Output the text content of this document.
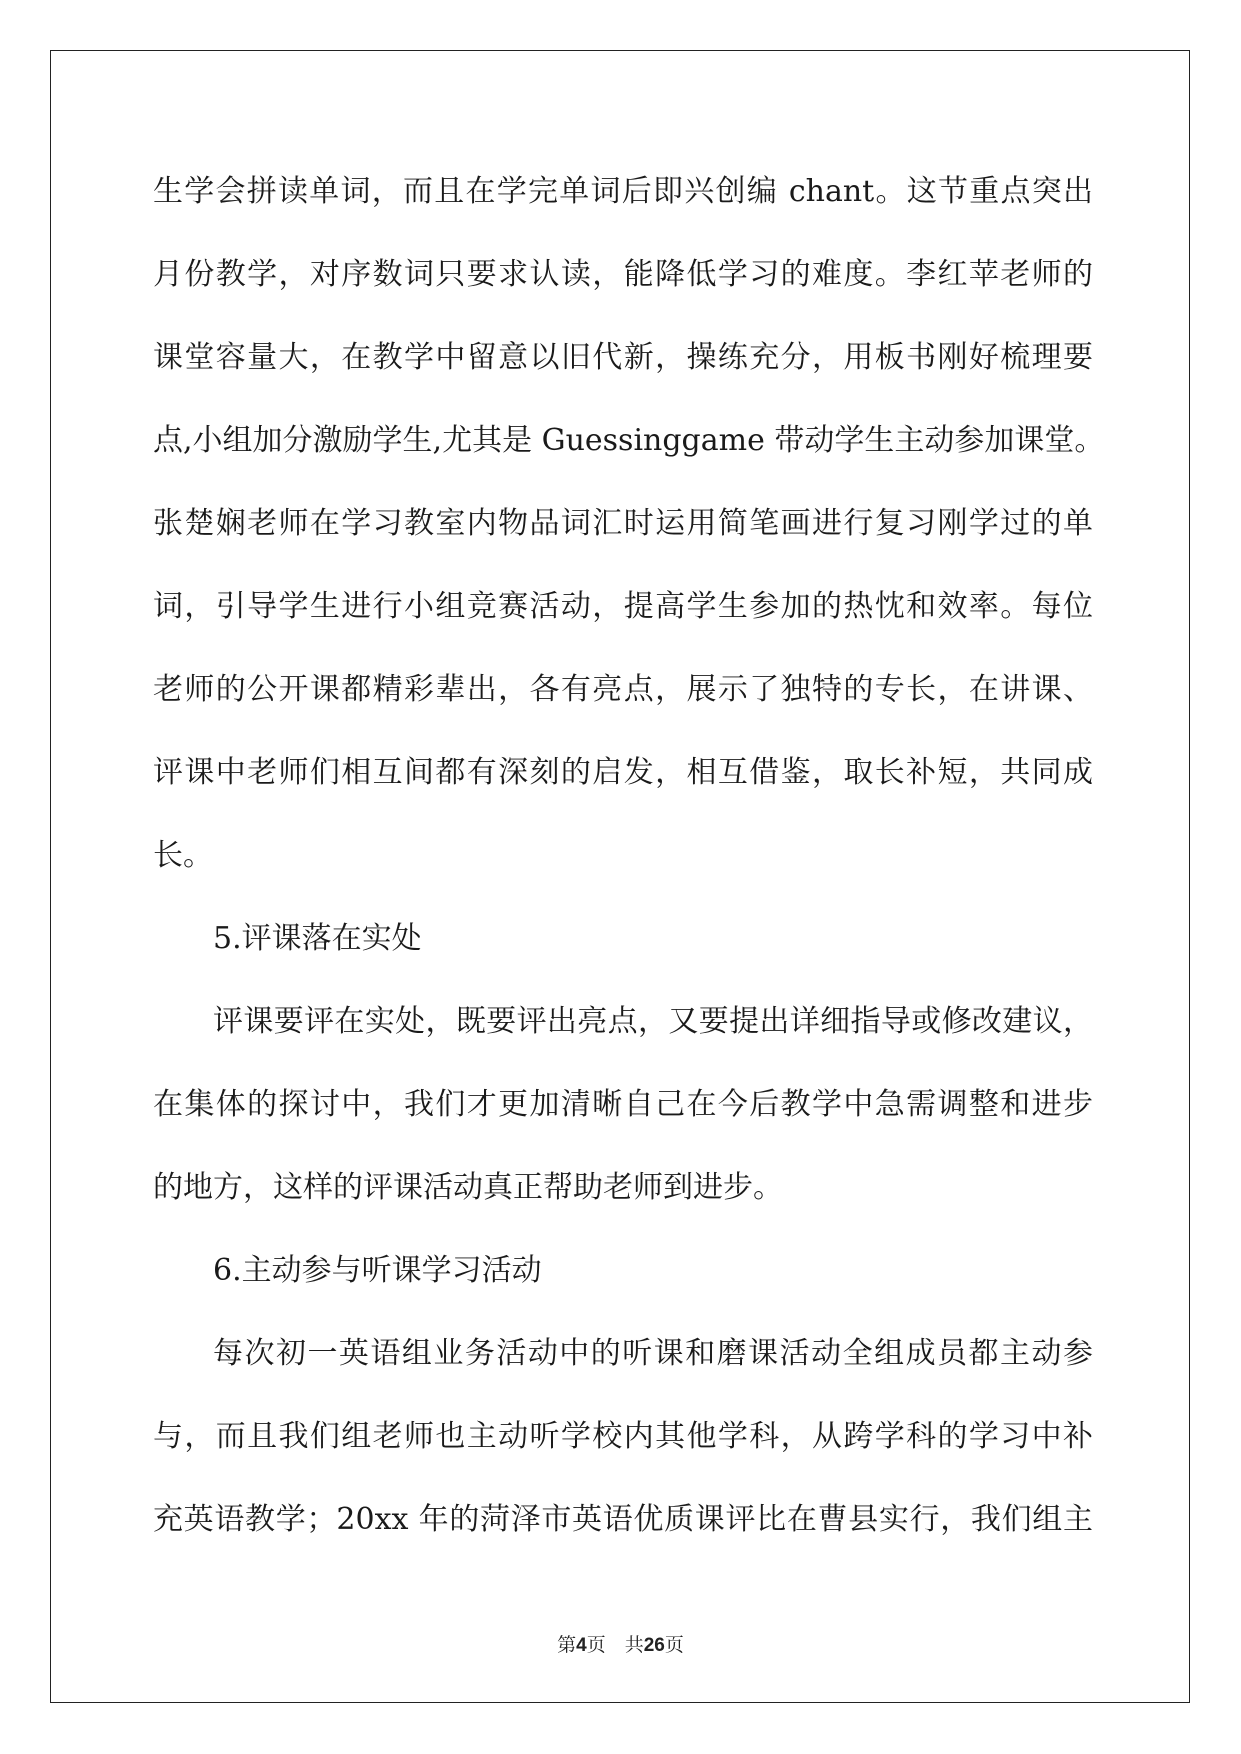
生学会拼读单词，而且在学完单词后即兴创编 chant。这节重点突出
月份教学，对序数词只要求认读，能降低学习的难度。李红苹老师的
课堂容量大，在教学中留意以旧代新，操练充分，用板书刚好梳理要
点,小组加分激励学生,尤其是 Guessinggame 带动学生主动参加课堂。
张楚娴老师在学习教室内物品词汇时运用简笔画进行复习刚学过的单
词，引导学生进行小组竞赛活动，提高学生参加的热忱和效率。每位
老师的公开课都精彩辈出，各有亮点，展示了独特的专长，在讲课、
评课中老师们相互间都有深刻的启发，相互借鉴，取长补短，共同成
长。
5.评课落在实处
评课要评在实处，既要评出亮点，又要提出详细指导或修改建议，
在集体的探讨中，我们才更加清晰自己在今后教学中急需调整和进步
的地方，这样的评课活动真正帮助老师到进步。
6.主动参与听课学习活动
每次初一英语组业务活动中的听课和磨课活动全组成员都主动参
与，而且我们组老师也主动听学校内其他学科，从跨学科的学习中补
充英语教学；20xx 年的菏泽市英语优质课评比在曹县实行，我们组主
第4页　共26页
